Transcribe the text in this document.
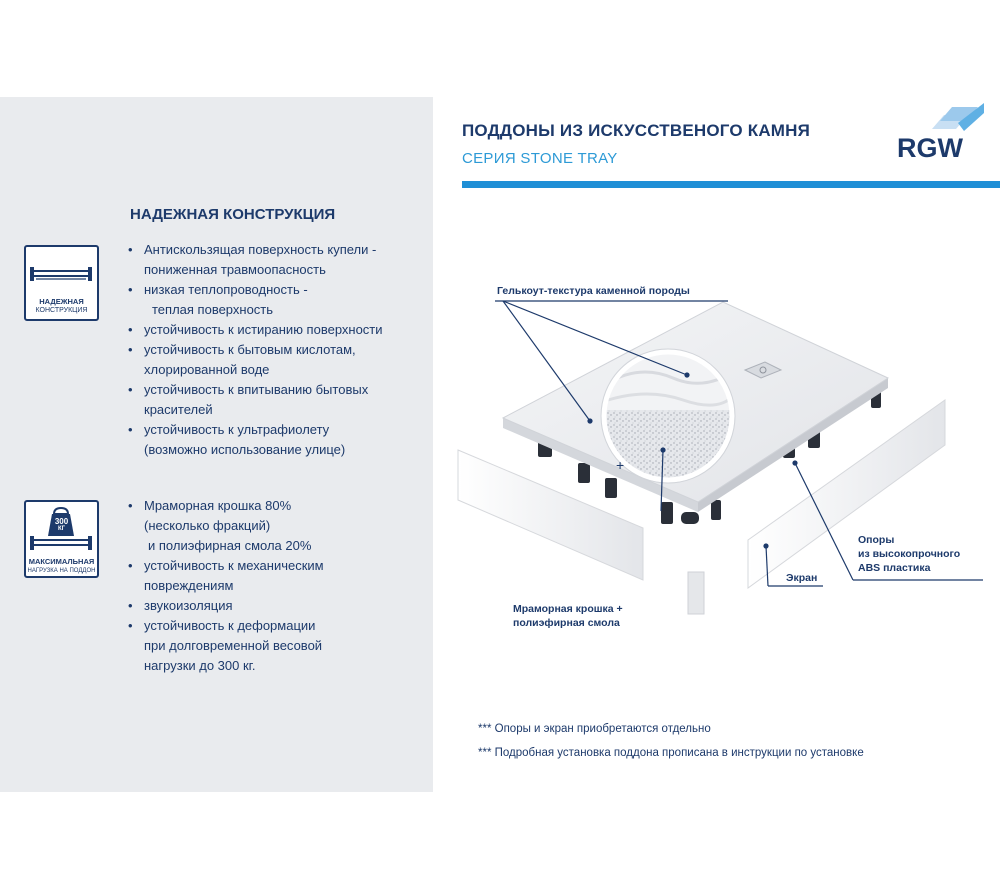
ПОДДОНЫ ИЗ ИСКУССТВЕНОГО КАМНЯ
СЕРИЯ STONE TRAY	RGW
НАДЕЖНАЯ КОНСТРУКЦИЯ
НАДЕЖНАЯ
КОНСТРУКЦИЯ
300
КГ
МАКСИМАЛЬНАЯ
НАГРУЗКА НА ПОДДОН
• Антискользящая поверхность купели -
пониженная травмоопасность
• низкая теплопроводность -
теплая поверхность
• устойчивость к истиранию поверхности
• устойчивость к бытовым кислотам,
хлорированной воде
• устойчивость к впитыванию бытовых
красителей
• устойчивость к ультрафиолету
(возможно использование улице)
• Мраморная крошка 80%
(несколько фракций)
и полиэфирная смола 20%
• устойчивость к механическим
повреждениям
• звукоизоляция
• устойчивость к деформации
при долговременной весовой
нагрузки до 300 кг.
+
Гелькоут-текстура каменной породы
Мраморная крошка +
полиэфирная смола
Экран
Опоры
из высокопрочного
ABS пластика
*** Опоры и экран приобретаются отдельно
*** Подробная установка поддона прописана в инструкции по установке
